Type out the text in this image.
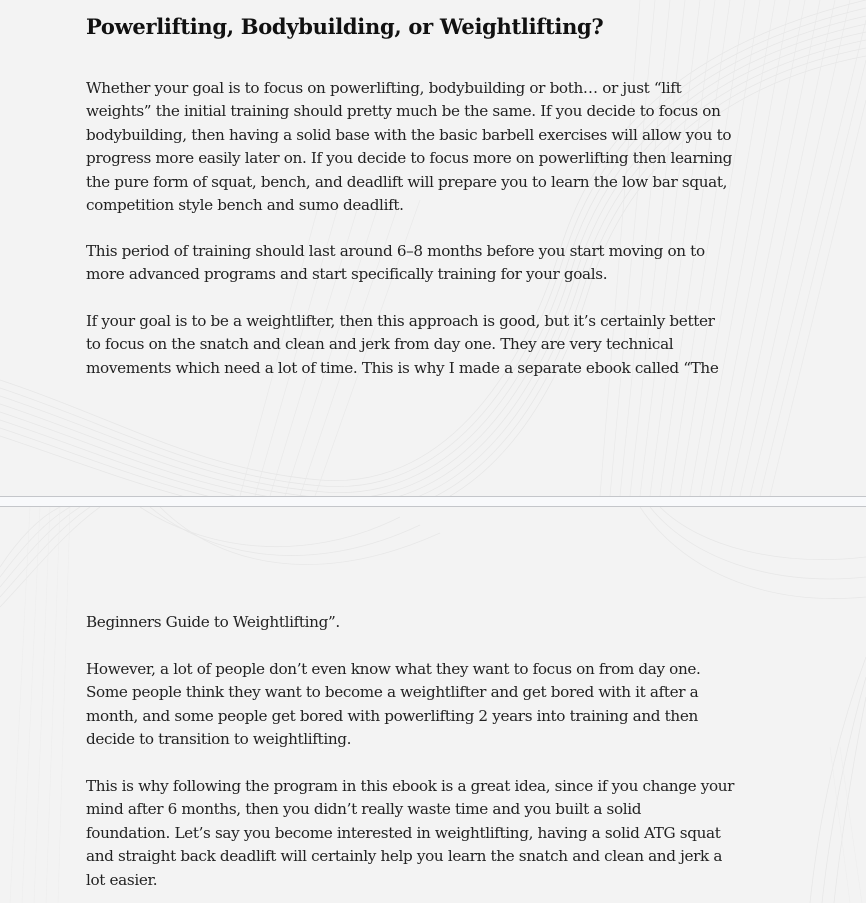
Powerlifting, Bodybuilding, or Weightlifting?

Whether your goal is to focus on powerlifting, bodybuilding or both… or just “lift
weights” the initial training should pretty much be the same. If you decide to focus on
bodybuilding, then having a solid base with the basic barbell exercises will allow you to
progress more easily later on. If you decide to focus more on powerlifting then learning
the pure form of squat, bench, and deadlift will prepare you to learn the low bar squat,
competition style bench and sumo deadlift.

This period of training should last around 6–8 months before you start moving on to
more advanced programs and start specifically training for your goals.

If your goal is to be a weightlifter, then this approach is good, but it’s certainly better
to focus on the snatch and clean and jerk from day one. They are very technical
movements which need a lot of time. This is why I made a separate ebook called “The

Beginners Guide to Weightlifting”.

However, a lot of people don’t even know what they want to focus on from day one.
Some people think they want to become a weightlifter and get bored with it after a
month, and some people get bored with powerlifting 2 years into training and then
decide to transition to weightlifting.

This is why following the program in this ebook is a great idea, since if you change your
mind after 6 months, then you didn’t really waste time and you built a solid
foundation. Let’s say you become interested in weightlifting, having a solid ATG squat
and straight back deadlift will certainly help you learn the snatch and clean and jerk a
lot easier.
